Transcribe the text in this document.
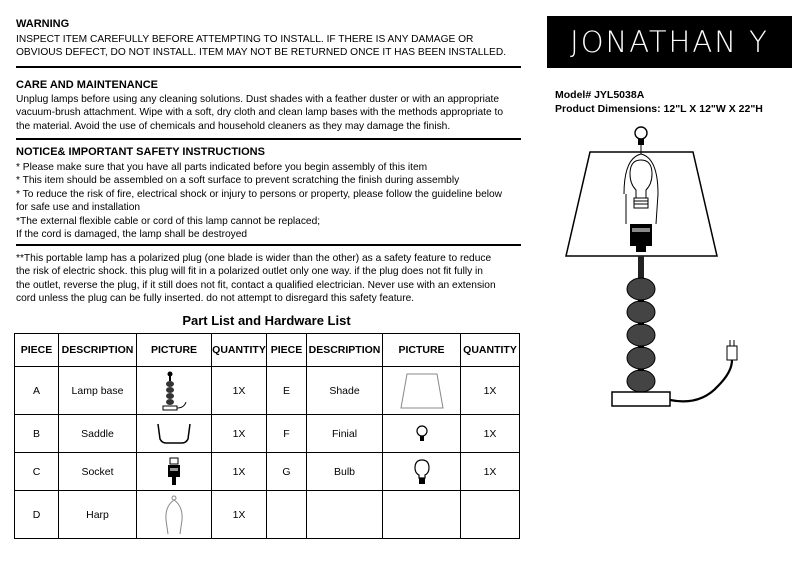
WARNING
INSPECT ITEM CAREFULLY BEFORE ATTEMPTING TO INSTALL. IF THERE IS ANY DAMAGE OR
OBVIOUS DEFECT, DO NOT INSTALL. ITEM MAY NOT BE RETURNED ONCE IT HAS BEEN INSTALLED.
CARE AND MAINTENANCE
Unplug lamps before using any cleaning solutions. Dust shades with a feather duster or with an appropriate
vacuum-brush attachment. Wipe with a soft, dry cloth and clean lamp bases with the methods appropriate to
the material. Avoid the use of chemicals and household cleaners as they may damage the finish.
NOTICE& IMPORTANT SAFETY INSTRUCTIONS
* Please make sure that you have all parts indicated before you begin assembly of this item
* This item should be assembled on a soft surface to prevent scratching the finish during assembly
* To reduce the risk of fire, electrical shock or injury to persons or property, please follow the guideline below
for safe use and installation
*The external flexible cable or cord of this lamp cannot be replaced;
If the cord is damaged, the lamp shall be destroyed
**This portable lamp has a polarized plug (one blade is wider than the other) as a safety feature to reduce
the risk of electric shock. this plug will fit in a polarized outlet only one way. if the plug does not fit fully in
the outlet, reverse the plug, if it still does not fit, contact a qualified electrician. Never use with an extension
cord unless the plug can be fully inserted. do not attempt to disregard this safety feature.
JONATHAN Y
Model# JYL5038A
Product Dimensions: 12"L X 12"W X 22"H
Part List and Hardware List
PIECE	DESCRIPTION	PICTURE	QUANTITY	PIECE	DESCRIPTION	PICTURE	QUANTITY
A	Lamp base		1X	E	Shade		1X
B	Saddle		1X	F	Finial		1X
C	Socket		1X	G	Bulb		1X
D	Harp		1X				
